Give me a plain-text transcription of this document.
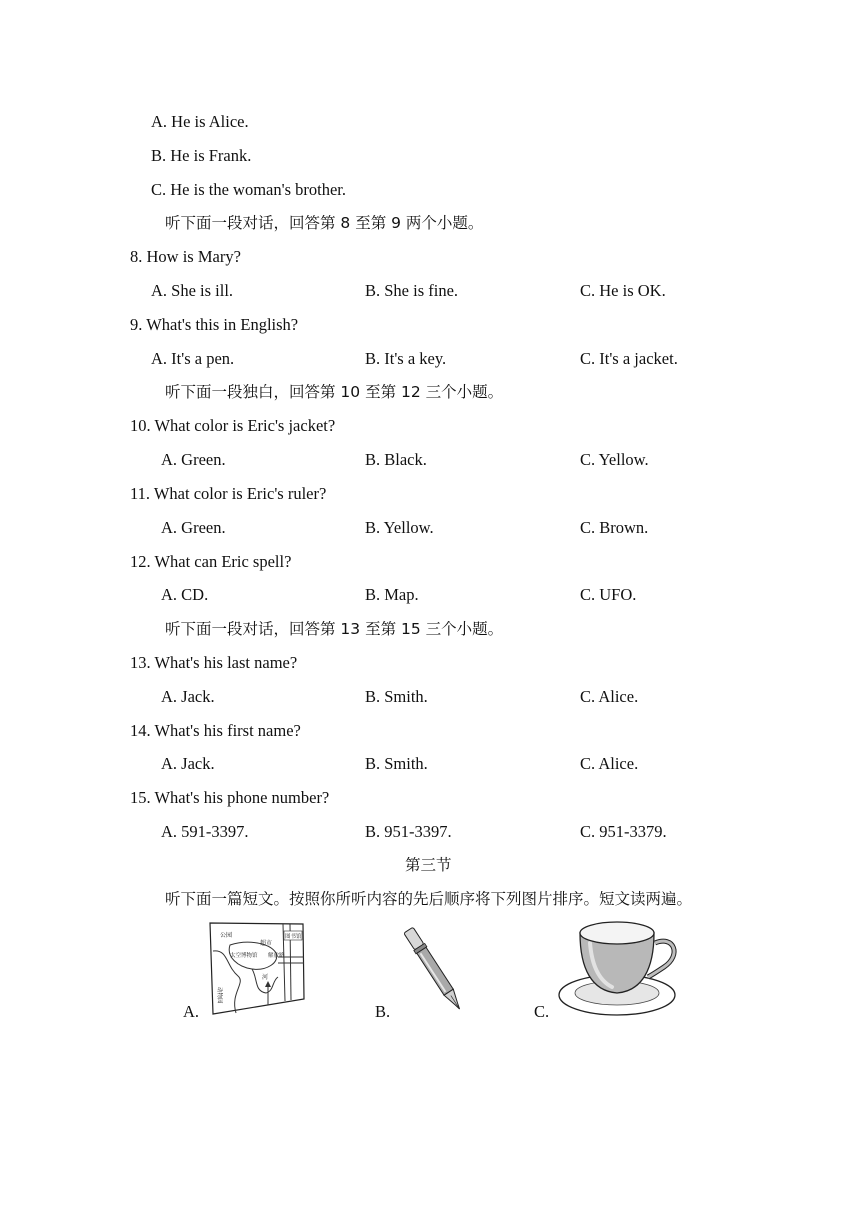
A. He is Alice.
B. He is Frank.
C. He is the woman's brother.
听下面一段对话，回答第 8 至第 9 两个小题。
8. How is Mary?
A. She is ill.	B. She is fine.	C. He is OK.
9. What's this in English?
A. It's a pen.	B. It's a key.	C. It's a jacket.
听下面一段独白，回答第 10 至第 12 三个小题。
10. What color is Eric's jacket?
A. Green.	B. Black.	C. Yellow.
11. What color is Eric's ruler?
A. Green.	B. Yellow.	C. Brown.
12. What can Eric spell?
A. CD.	B. Map.	C. UFO.
听下面一段对话，回答第 13 至第 15 三个小题。
13. What's his last name?
A. Jack.	B. Smith.	C. Alice.
14. What's his first name?
A. Jack.	B. Smith.	C. Alice.
15. What's his phone number?
A. 591-3397.	B. 951-3397.	C. 951-3379.
第三节
听下面一篇短文。按照你所听内容的先后顺序将下列图片排序。短文读两遍。
A.
公园
超市
图书馆
太空博物馆 解放路
河
动物园
B.	C.
